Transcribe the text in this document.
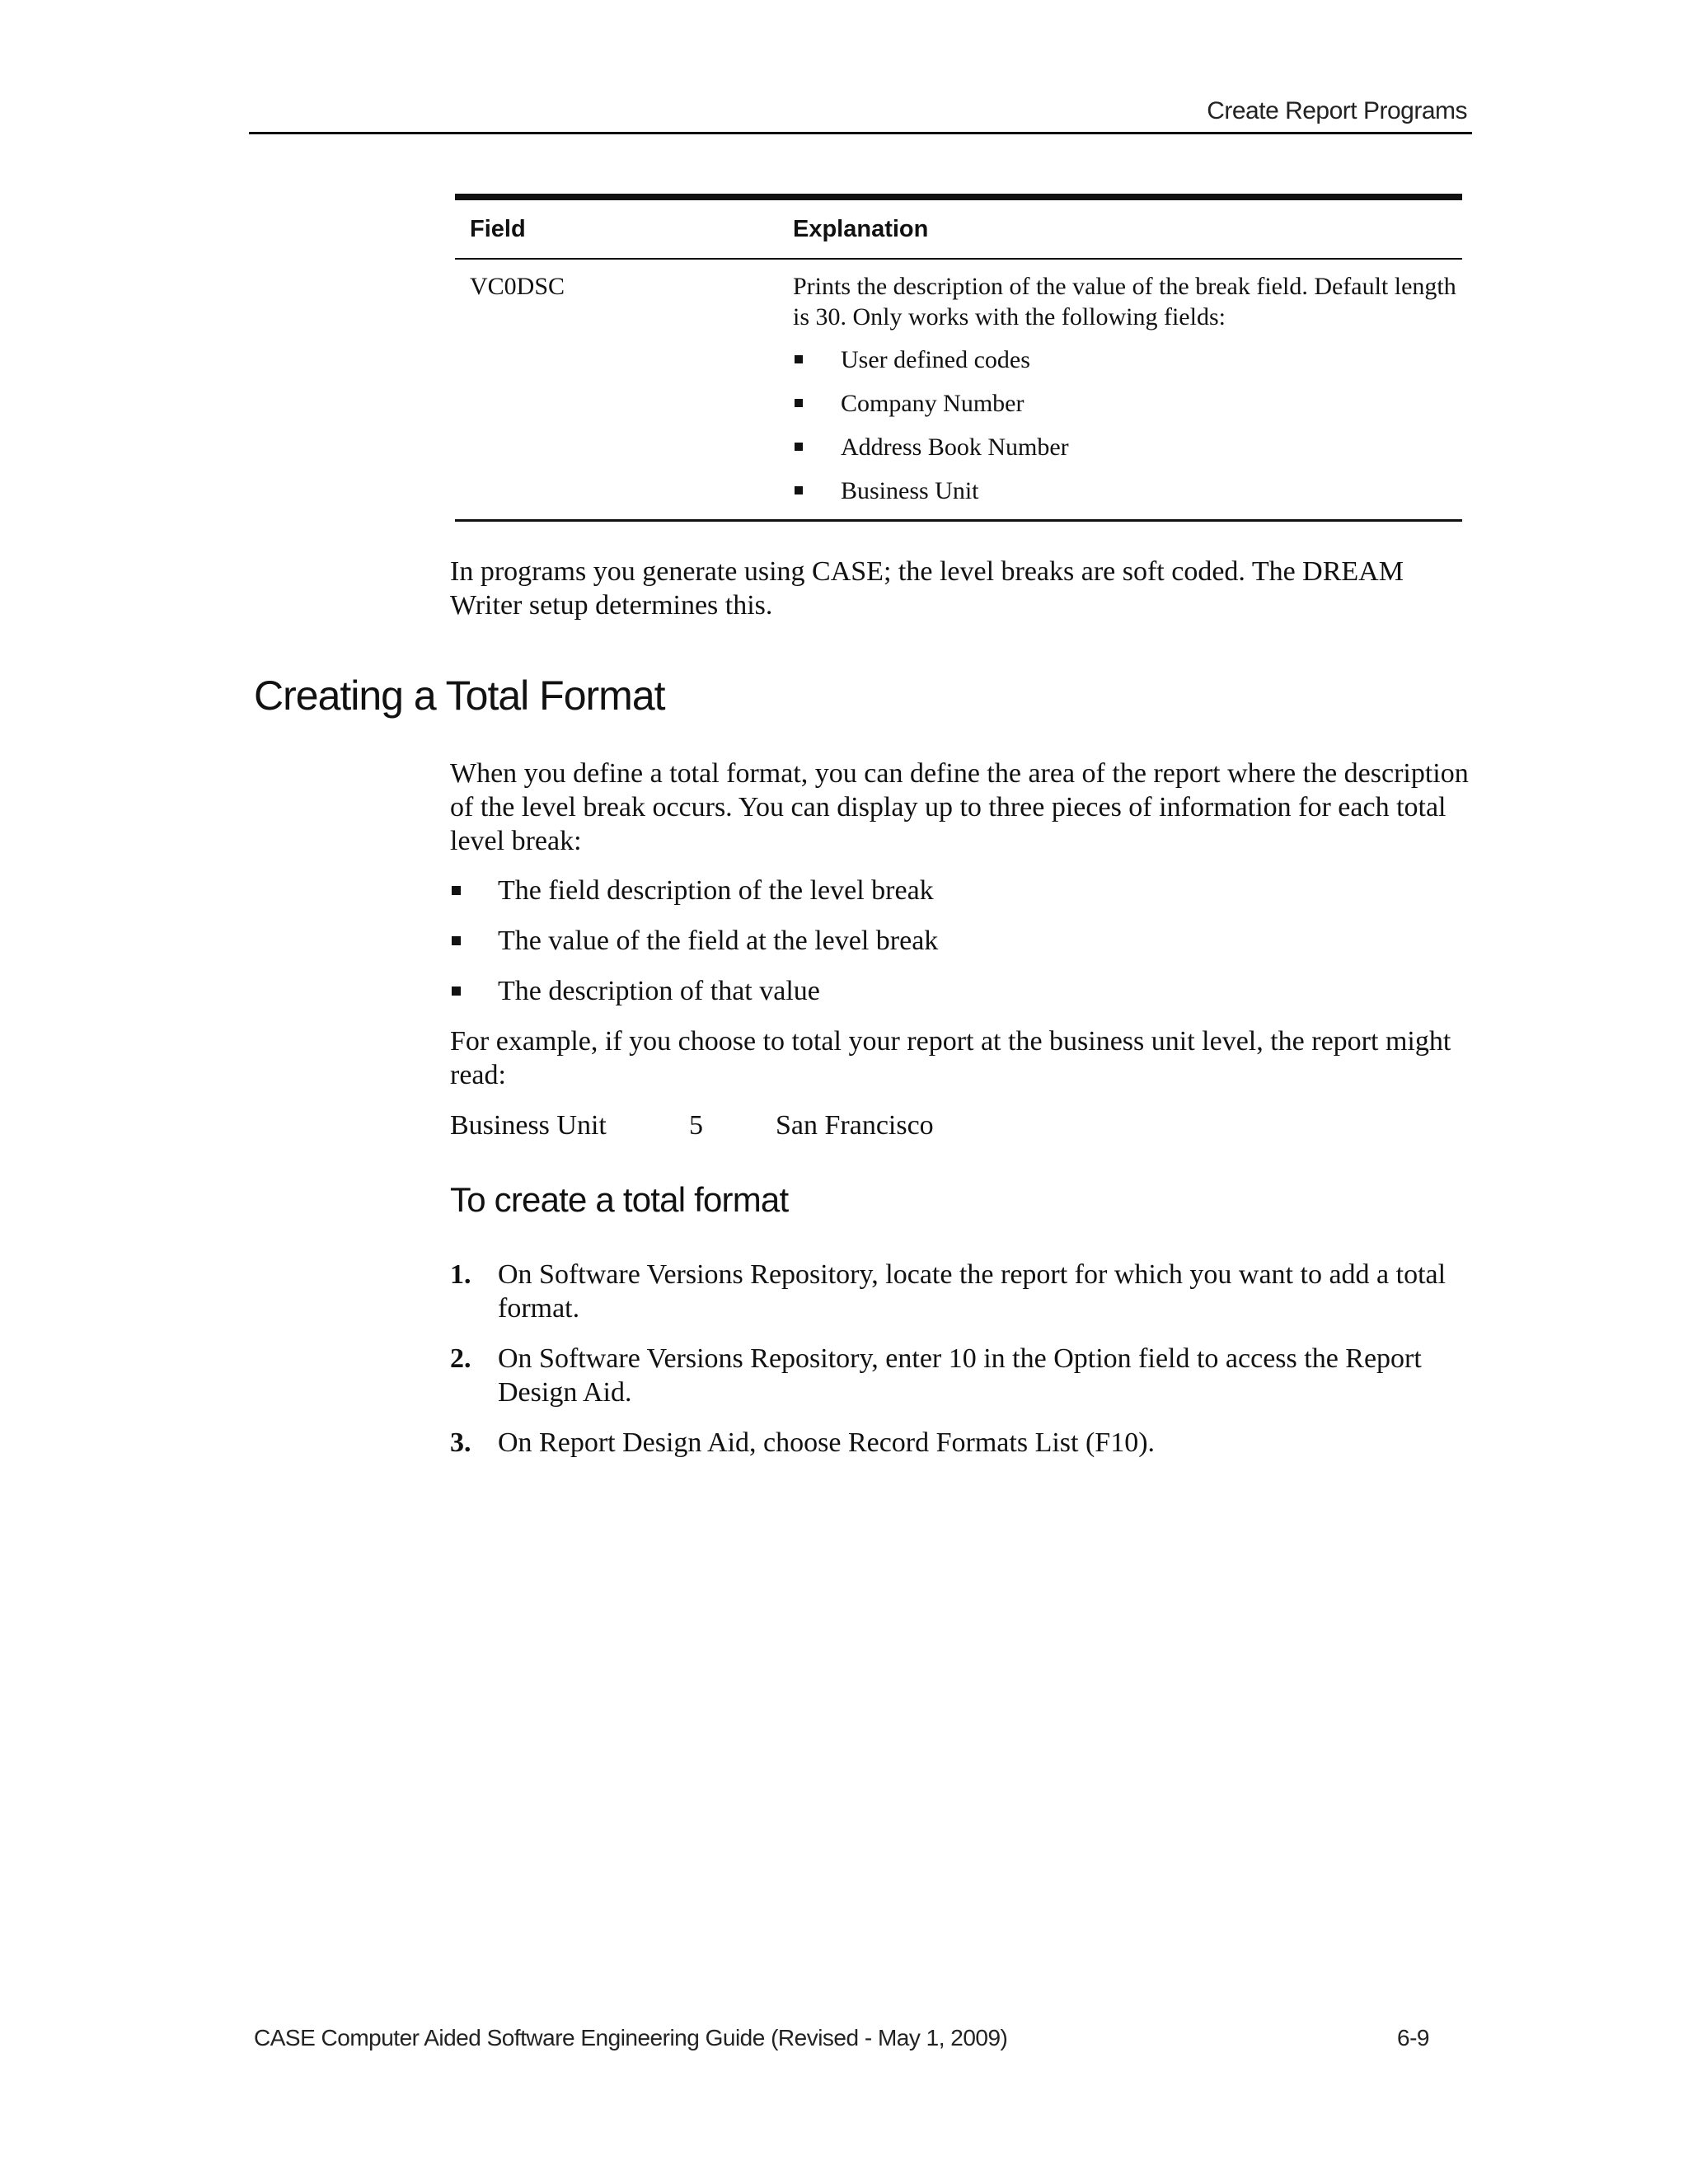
Create Report Programs
Field	Explanation
VC0DSC	Prints the description of the value of the break field. Default length is 30. Only works with the following fields:

User defined codes
Company Number
Address Book Number
Business Unit

In programs you generate using CASE; the level breaks are soft coded. The DREAM Writer setup determines this.

Creating a Total Format

When you define a total format, you can define the area of the report where the description of the level break occurs. You can display up to three pieces of information for each total level break:

The field description of the level break
The value of the field at the level break
The description of that value

For example, if you choose to total your report at the business unit level, the report might read:

Business Unit	5	San Francisco
To create a total format
1. On Software Versions Repository, locate the report for which you want to add a total format.
2. On Software Versions Repository, enter 10 in the Option field to access the Report Design Aid.
3. On Report Design Aid, choose Record Formats List (F10).
CASE Computer Aided Software Engineering Guide (Revised - May 1, 2009)	6-9
